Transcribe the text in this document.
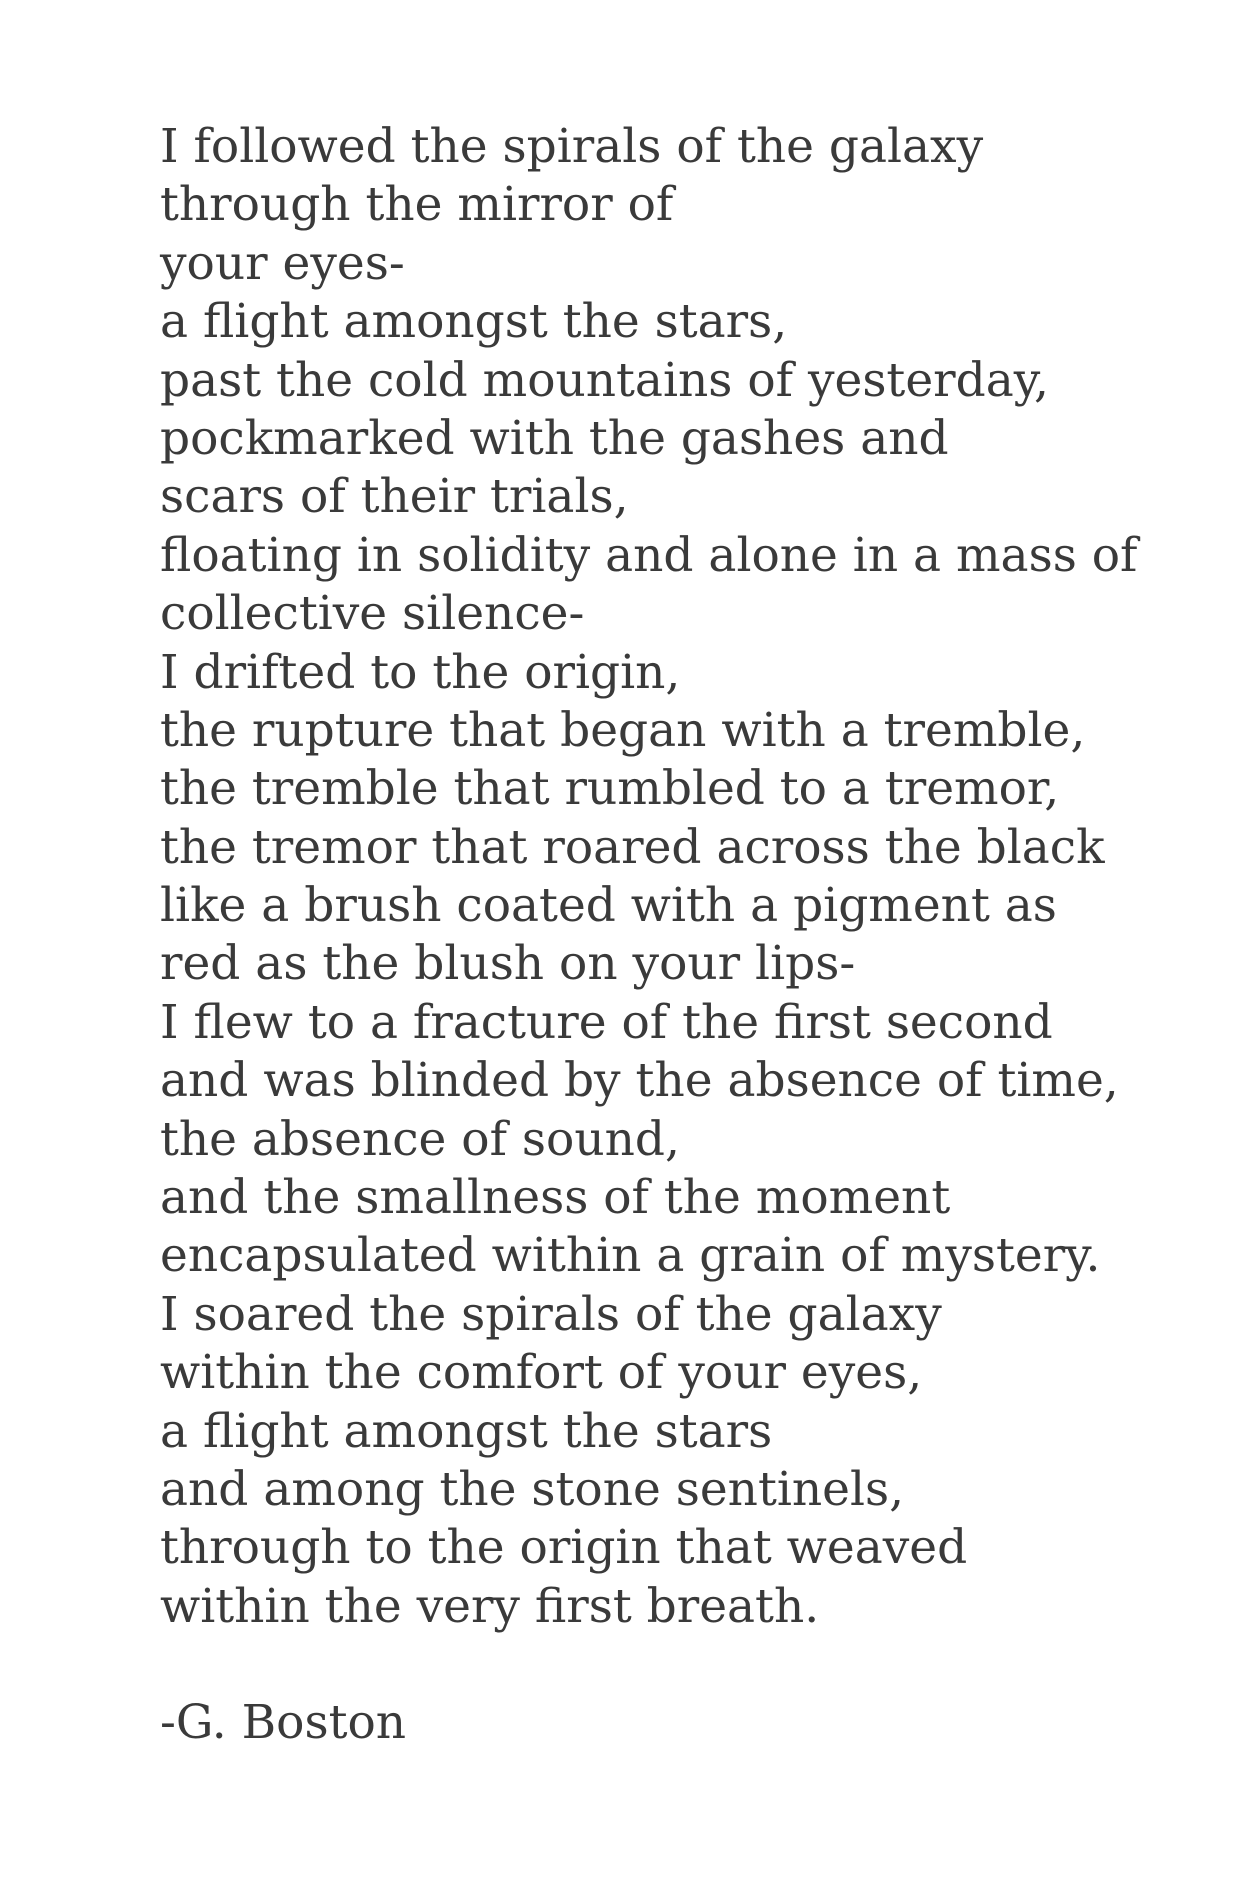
I followed the spirals of the galaxy
through the mirror of
your eyes-
a flight amongst the stars,
past the cold mountains of yesterday,
pockmarked with the gashes and
scars of their trials,
floating in solidity and alone in a mass of
collective silence-
I drifted to the origin,
the rupture that began with a tremble,
the tremble that rumbled to a tremor,
the tremor that roared across the black
like a brush coated with a pigment as
red as the blush on your lips-
I flew to a fracture of the first second
and was blinded by the absence of time,
the absence of sound,
and the smallness of the moment
encapsulated within a grain of mystery.
I soared the spirals of the galaxy
within the comfort of your eyes,
a flight amongst the stars
and among the stone sentinels,
through to the origin that weaved
within the very first breath.
-G. Boston
